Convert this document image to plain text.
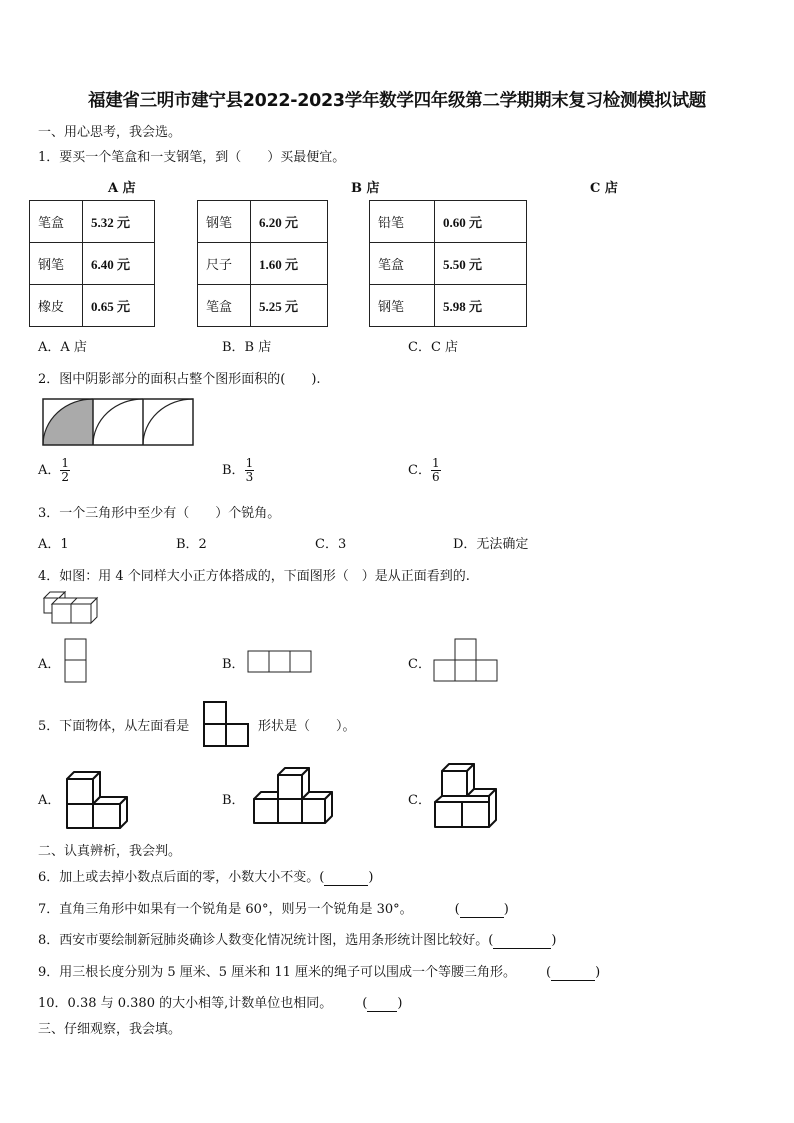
福建省三明市建宁县2022-2023学年数学四年级第二学期期末复习检测模拟试题
一、用心思考，我会选。
1．要买一个笔盒和一支钢笔，到（　　）买最便宜。
A 店	B 店	C 店
笔盒	5.32 元
钢笔	6.40 元
橡皮	0.65 元
钢笔	6.20 元
尺子	1.60 元
笔盒	5.25 元
铅笔	0.60 元
笔盒	5.50 元
钢笔	5.98 元
A．A 店	B．B 店	C．C 店
2．图中阴影部分的面积占整个图形面积的(　　).
A． $\frac{1}{2}$	B． $\frac{1}{3}$	C． $\frac{1}{6}$
3．一个三角形中至少有（　　）个锐角。
A．1	B．2	C．3	D．无法确定
4．如图：用 4 个同样大小正方体搭成的，下面图形（　）是从正面看到的.
A．	B．	C．
5．下面物体，从左面看是	形状是（　　）。
A．	B．	C．
二、认真辨析，我会判。
6．加上或去掉小数点后面的零，小数大小不变。(	)
7．直角三角形中如果有一个锐角是 60°，则另一个锐角是 30°。	(	)
8．西安市要绘制新冠肺炎确诊人数变化情况统计图，选用条形统计图比较好。(	)
9．用三根长度分别为 5 厘米、5 厘米和 11 厘米的绳子可以围成一个等腰三角形。 (	)
10．0.38 与 0.380 的大小相等,计数单位也相同。 ( )
三、仔细观察，我会填。
